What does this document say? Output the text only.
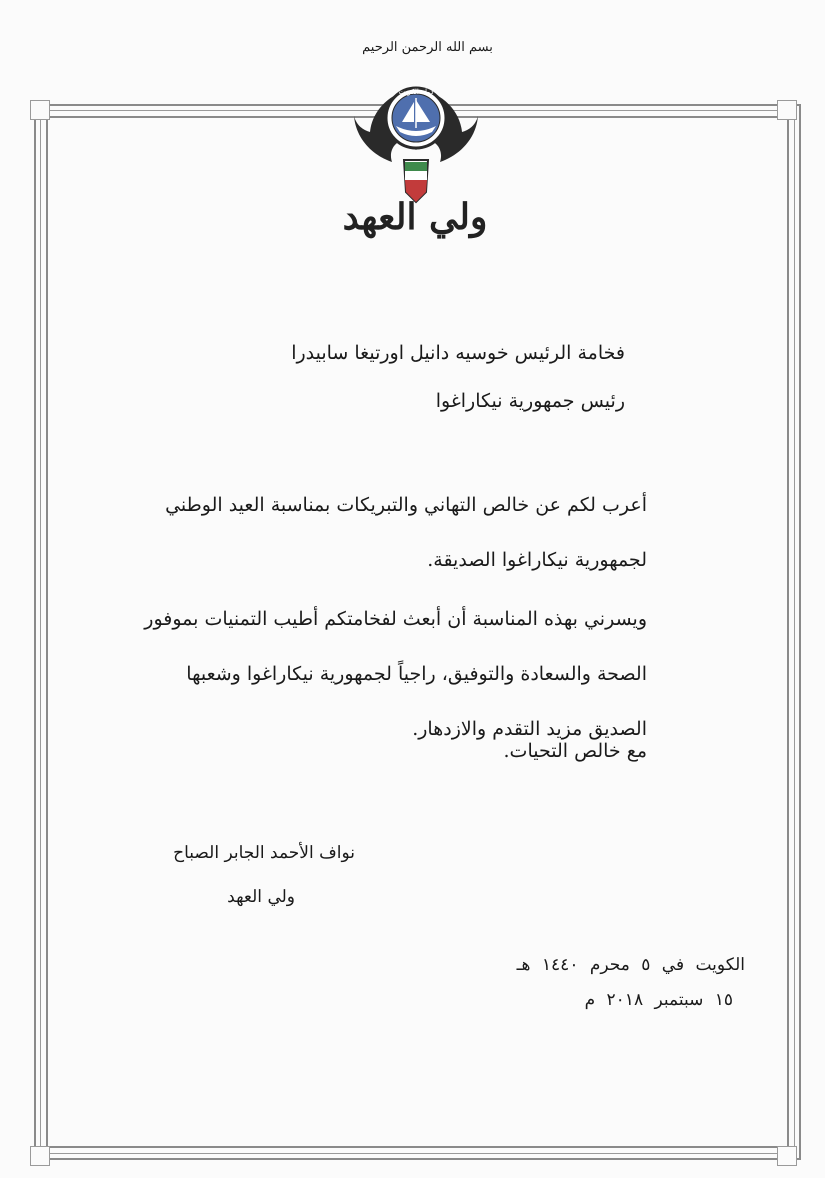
بسم الله الرحمن الرحيم
دولة الكويت
ولي العهد
فخامة الرئيس خوسيه دانيل اورتيغا سابيدرا
رئيس جمهورية نيكاراغوا
أعرب لكم عن خالص التهاني والتبريكات بمناسبة العيد الوطني لجمهورية نيكاراغوا الصديقة.
ويسرني بهذه المناسبة أن أبعث لفخامتكم أطيب التمنيات بموفور الصحة والسعادة والتوفيق، راجياً لجمهورية نيكاراغوا وشعبها الصديق مزيد التقدم والازدهار.
مع خالص التحيات.
نواف الأحمد الجابر الصباح
ولي العهد
الكويت في ٥ محرم ١٤٤٠ هـ
١٥ سبتمبر ٢٠١٨ م
